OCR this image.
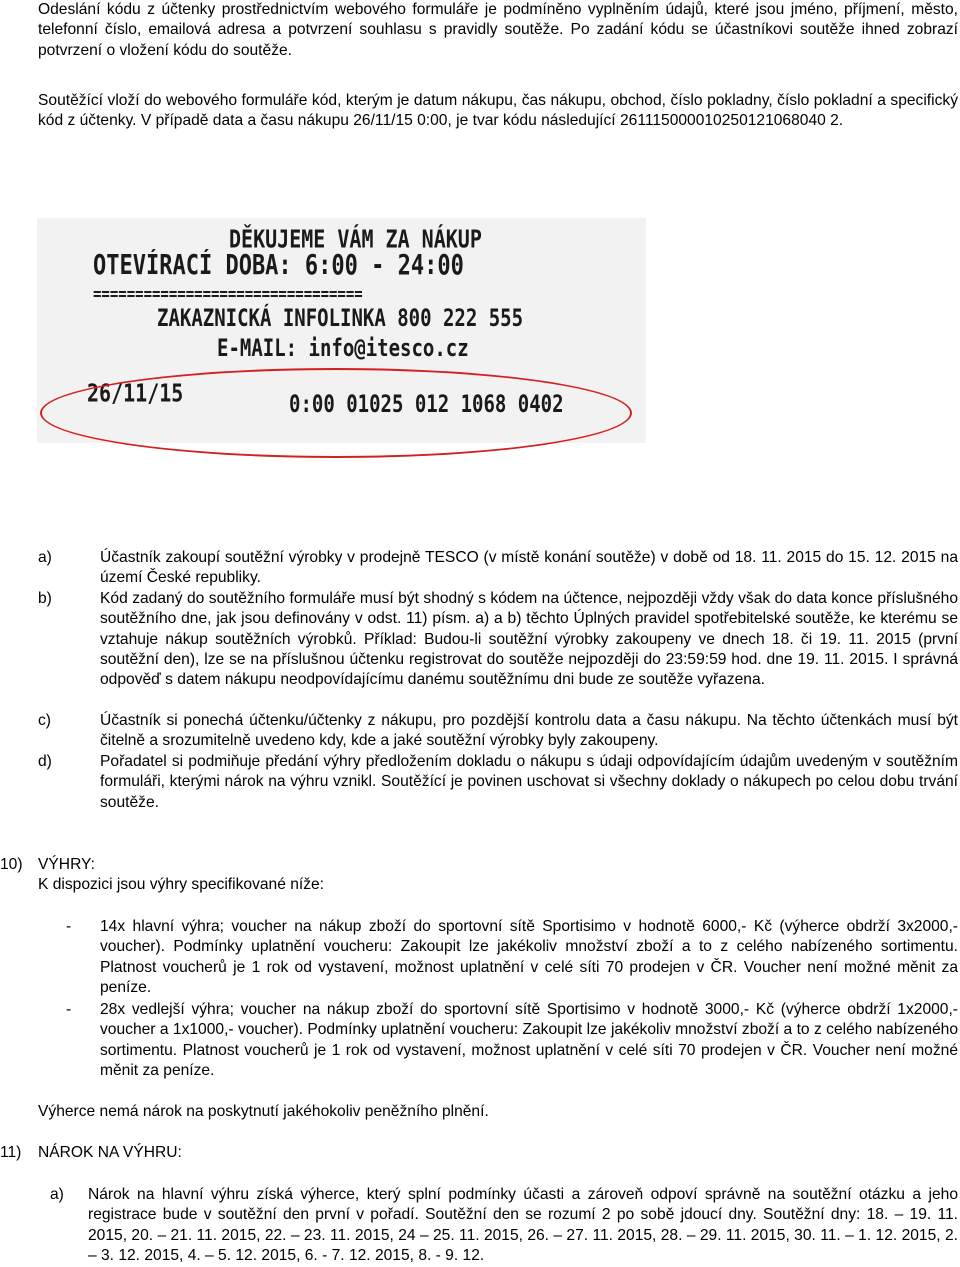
Odeslání kódu z účtenky prostřednictvím webového formuláře je podmíněno vyplněním údajů, které jsou jméno, příjmení, město, telefonní číslo, emailová adresa a potvrzení souhlasu s pravidly soutěže. Po zadání kódu se účastníkovi soutěže ihned zobrazí potvrzení o vložení kódu do soutěže.

Soutěžící vloží do webového formuláře kód, kterým je datum nákupu, čas nákupu, obchod, číslo pokladny, číslo pokladní a specifický kód z účtenky. V případě data a času nákupu 26/11/15 0:00, je tvar kódu následující 261115000010250121068040 2.

DĚKUJEME VÁM ZA NÁKUP
OTEVÍRACÍ DOBA: 6:00 - 24:00
================================
ZAKAZNICKÁ INFOLINKA 800 222 555
E-MAIL: info@itesco.cz
26/11/15	0:00 01025 012 1068 0402
a)	Účastník zakoupí soutěžní výrobky v prodejně TESCO (v místě konání soutěže) v době od 18. 11. 2015 do 15. 12. 2015 na území České republiky.
b)	Kód zadaný do soutěžního formuláře musí být shodný s kódem na účtence, nejpozději vždy však do data konce příslušného soutěžního dne, jak jsou definovány v odst. 11) písm. a) a b) těchto Úplných pravidel spotřebitelské soutěže, ke kterému se vztahuje nákup soutěžních výrobků. Příklad: Budou-li soutěžní výrobky zakoupeny ve dnech 18. či 19. 11. 2015 (první soutěžní den), lze se na příslušnou účtenku registrovat do soutěže nejpozději do 23:59:59 hod. dne 19. 11. 2015. I správná odpověď s datem nákupu neodpovídajícímu danému soutěžnímu dni bude ze soutěže vyřazena.
c)	Účastník si ponechá účtenku/účtenky z nákupu, pro pozdější kontrolu data a času nákupu. Na těchto účtenkách musí být čitelně a srozumitelně uvedeno kdy, kde a jaké soutěžní výrobky byly zakoupeny.
d)	Pořadatel si podmiňuje předání výhry předložením dokladu o nákupu s údaji odpovídajícím údajům uvedeným v soutěžním formuláři, kterými nárok na výhru vznikl. Soutěžící je povinen uschovat si všechny doklady o nákupech po celou dobu trvání soutěže.
10) VÝHRY:
K dispozici jsou výhry specifikované níže:
- 14x hlavní výhra; voucher na nákup zboží do sportovní sítě Sportisimo v hodnotě 6000,- Kč (výherce obdrží 3x2000,- voucher). Podmínky uplatnění voucheru: Zakoupit lze jakékoliv množství zboží a to z celého nabízeného sortimentu. Platnost voucherů je 1 rok od vystavení, možnost uplatnění v celé síti 70 prodejen v ČR. Voucher není možné měnit za peníze.
- 28x vedlejší výhra; voucher na nákup zboží do sportovní sítě Sportisimo v hodnotě 3000,- Kč (výherce obdrží 1x2000,- voucher a 1x1000,- voucher). Podmínky uplatnění voucheru: Zakoupit lze jakékoliv množství zboží a to z celého nabízeného sortimentu. Platnost voucherů je 1 rok od vystavení, možnost uplatnění v celé síti 70 prodejen v ČR. Voucher není možné měnit za peníze.
Výherce nemá nárok na poskytnutí jakéhokoliv peněžního plnění.
11) NÁROK NA VÝHRU:
a) Nárok na hlavní výhru získá výherce, který splní podmínky účasti a zároveň odpoví správně na soutěžní otázku a jeho registrace bude v soutěžní den první v pořadí. Soutěžní den se rozumí 2 po sobě jdoucí dny. Soutěžní dny: 18. – 19. 11. 2015, 20. – 21. 11. 2015, 22. – 23. 11. 2015, 24 – 25. 11. 2015, 26. – 27. 11. 2015, 28. – 29. 11. 2015, 30. 11. – 1. 12. 2015, 2. – 3. 12. 2015, 4. – 5. 12. 2015, 6. - 7. 12. 2015, 8. - 9. 12.
